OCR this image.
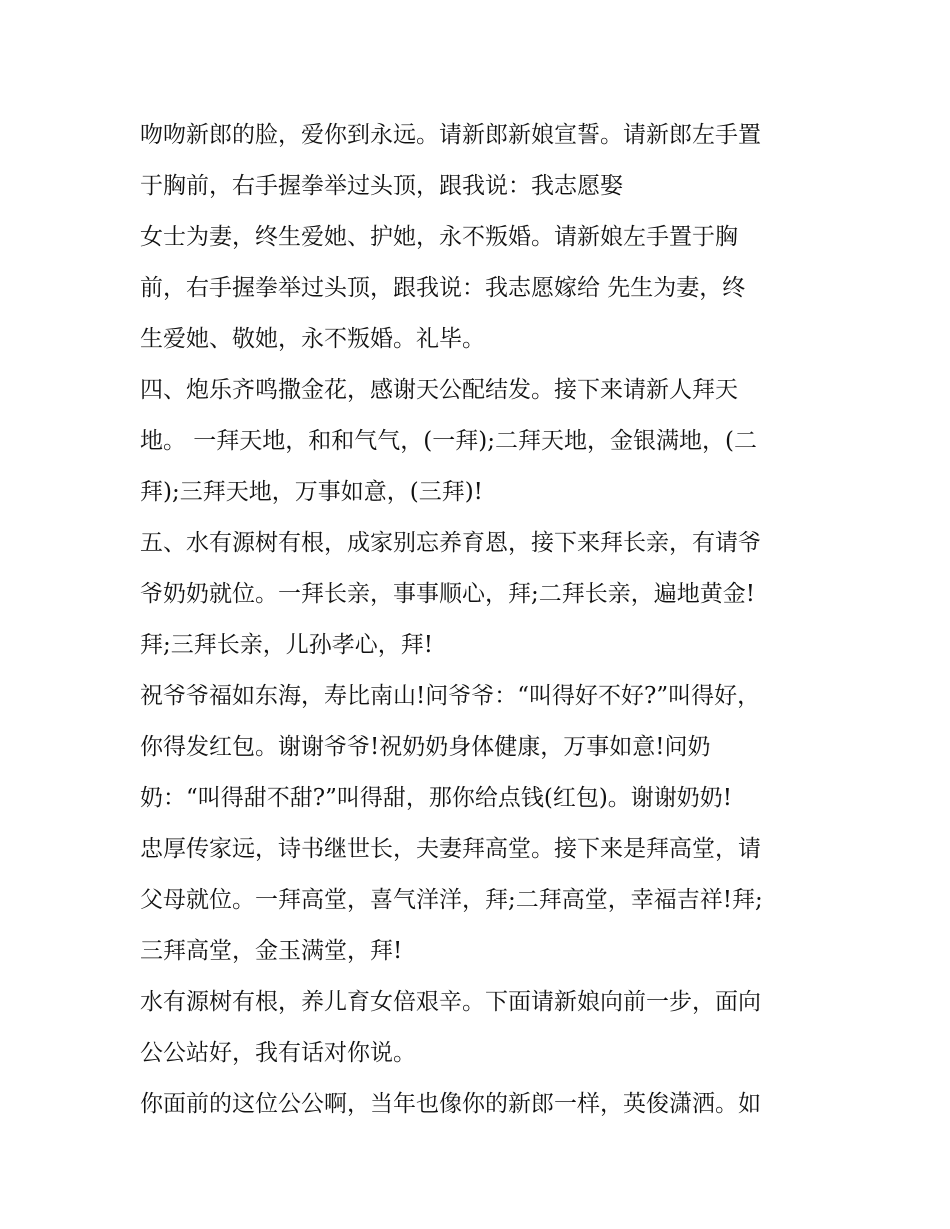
吻吻新郎的脸，爱你到永远。请新郎新娘宣誓。请新郎左手置
于胸前，右手握拳举过头顶，跟我说：我志愿娶
女士为妻，终生爱她、护她，永不叛婚。请新娘左手置于胸
前，右手握拳举过头顶，跟我说：我志愿嫁给 先生为妻，终
生爱她、敬她，永不叛婚。礼毕。
四、炮乐齐鸣撒金花，感谢天公配结发。接下来请新人拜天
地。 一拜天地，和和气气，(一拜);二拜天地，金银满地，(二
拜);三拜天地，万事如意，(三拜)!
五、水有源树有根，成家别忘养育恩，接下来拜长亲，有请爷
爷奶奶就位。一拜长亲，事事顺心，拜;二拜长亲，遍地黄金!
拜;三拜长亲，儿孙孝心，拜!
祝爷爷福如东海，寿比南山!问爷爷：“叫得好不好?”叫得好，
你得发红包。谢谢爷爷!祝奶奶身体健康，万事如意!问奶
奶：“叫得甜不甜?”叫得甜，那你给点钱(红包)。谢谢奶奶!
忠厚传家远，诗书继世长，夫妻拜高堂。接下来是拜高堂，请
父母就位。一拜高堂，喜气洋洋，拜;二拜高堂，幸福吉祥!拜;
三拜高堂，金玉满堂，拜!
水有源树有根，养儿育女倍艰辛。下面请新娘向前一步，面向
公公站好，我有话对你说。
你面前的这位公公啊，当年也像你的新郎一样，英俊潇洒。如
